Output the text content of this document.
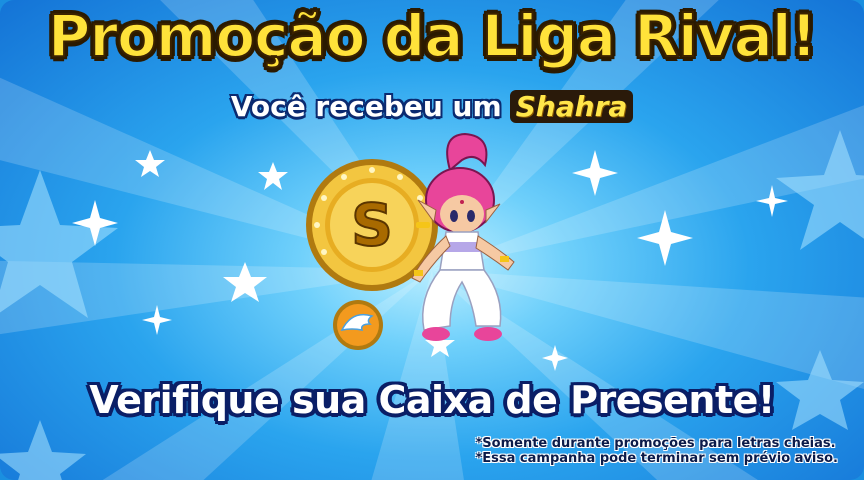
Promoção da Liga Rival!
Você recebeu um Shahra
S
Verifique sua Caixa de Presente!
*Somente durante promoções para letras cheias.
*Essa campanha pode terminar sem prévio aviso.
